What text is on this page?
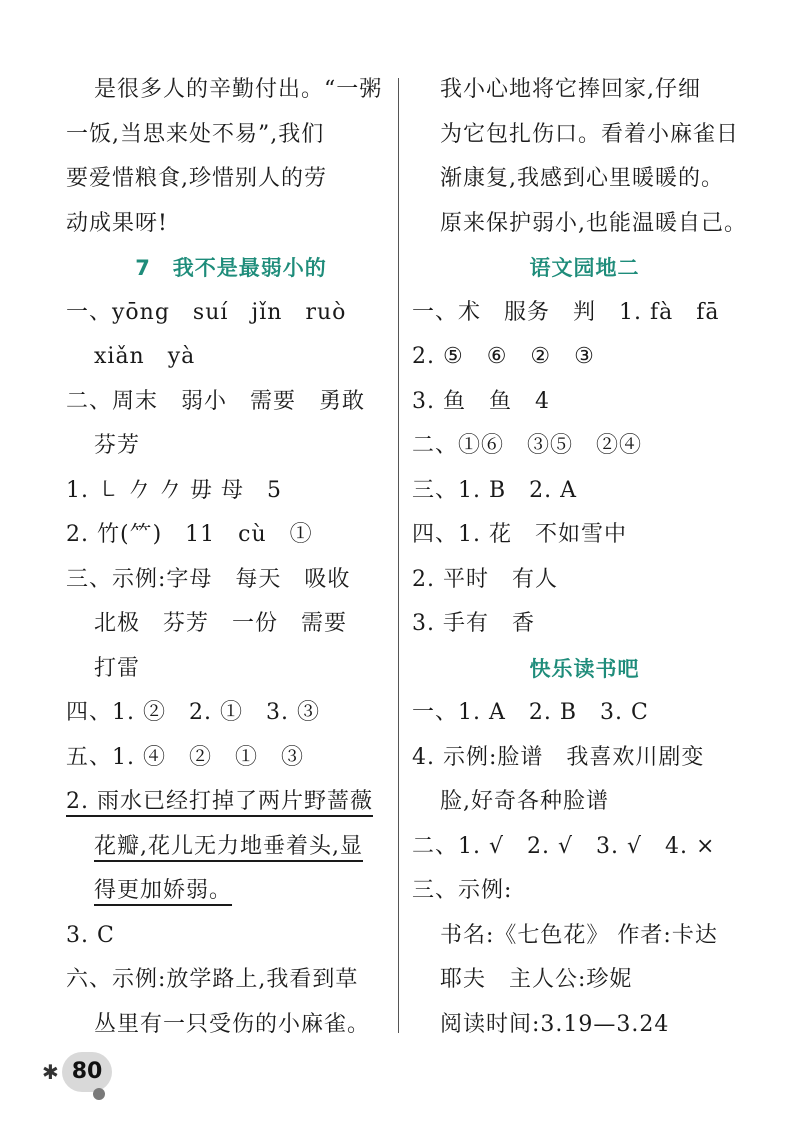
是很多人的辛勤付出。“一粥
一饭,当思来处不易”,我们
要爱惜粮食,珍惜别人的劳
动成果呀!
7　我不是最弱小的
一、yōng　suí　jǐn　ruò
xiǎn　yà
二、周末　弱小　需要　勇敢
芬芳
1. ㇄ 𠂊 𠂊 毋 母　5
2. 竹(⺮)　11　cù　①
三、示例:字母　每天　吸收
北极　芬芳　一份　需要
打雷
四、1. ②　2. ①　3. ③
五、1. ④　②　①　③
2. 雨水已经打掉了两片野蔷薇
花瓣,花儿无力地垂着头,显
得更加娇弱。
3. C
六、示例:放学路上,我看到草
丛里有一只受伤的小麻雀。
我小心地将它捧回家,仔细
为它包扎伤口。看着小麻雀日
渐康复,我感到心里暖暖的。
原来保护弱小,也能温暖自己。
语文园地二
一、术　服务　判　1. fà　fā
2. ⑤　⑥　②　③
3. 鱼　鱼　4
二、①⑥　③⑤　②④
三、1. B　2. A
四、1. 花　不如雪中
2. 平时　有人
3. 手有　香
快乐读书吧
一、1. A　2. B　3. C
4. 示例:脸谱　我喜欢川剧变
脸,好奇各种脸谱
二、1. √　2. √　3. √　4. ×
三、示例:
书名:《七色花》 作者:卡达
耶夫　主人公:珍妮
阅读时间:3.19—3.24
✱ 80
